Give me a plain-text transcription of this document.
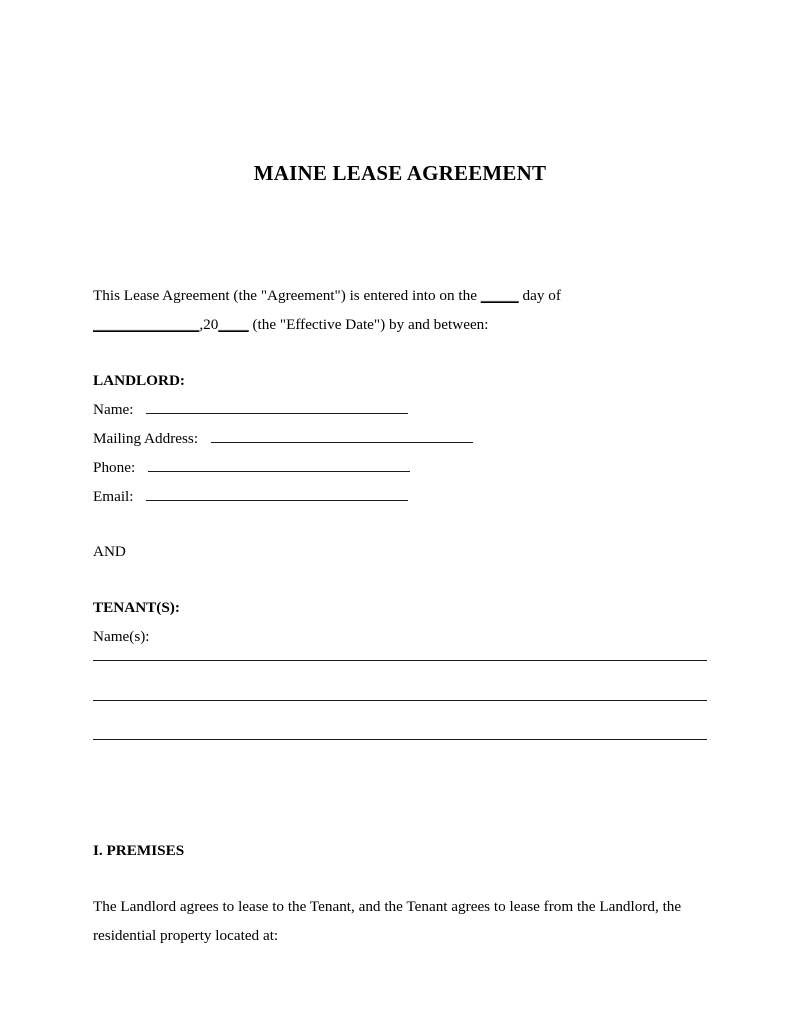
MAINE LEASE AGREEMENT
This Lease Agreement (the "Agreement") is entered into on the _____ day of ______________,20____ (the "Effective Date") by and between:
LANDLORD:
Name:
Mailing Address:
Phone:
Email:
AND
TENANT(S):
Name(s):
I. PREMISES
The Landlord agrees to lease to the Tenant, and the Tenant agrees to lease from the Landlord, the residential property located at:
